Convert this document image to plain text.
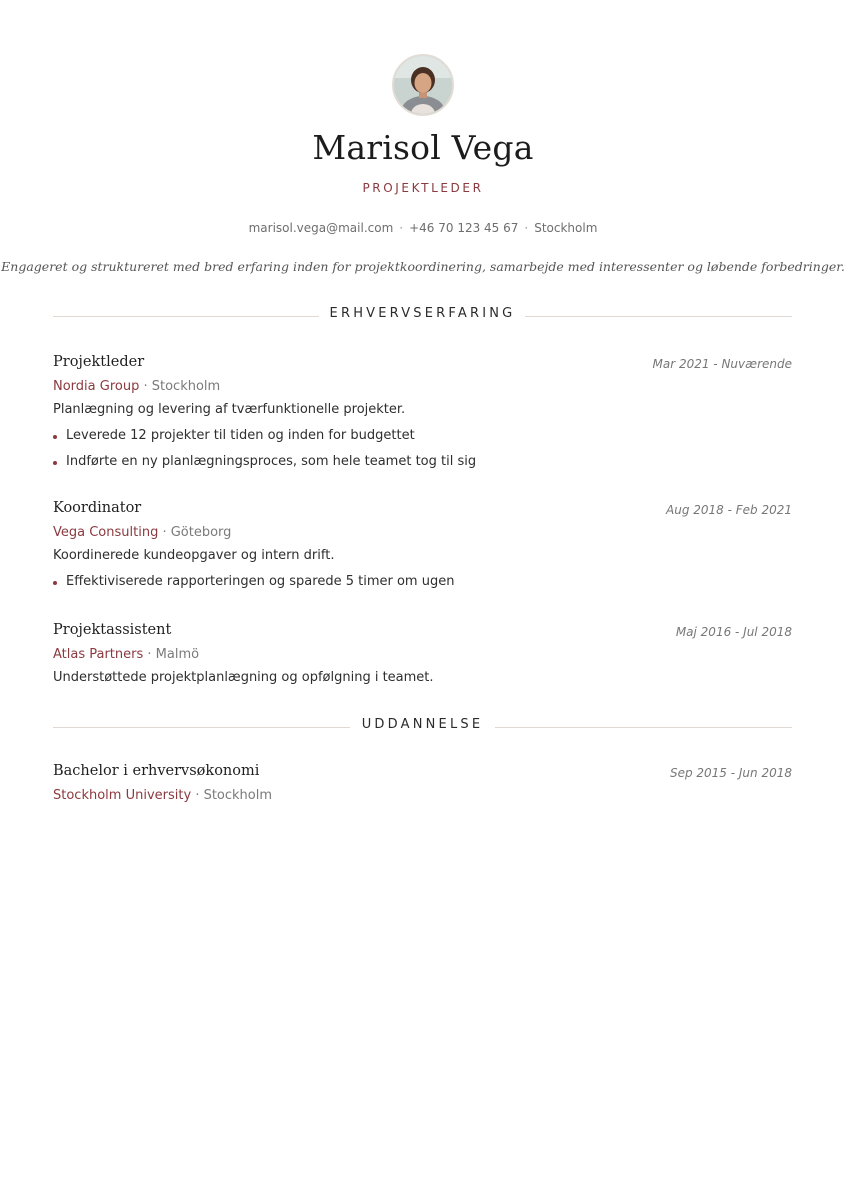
Marisol Vega
PROJEKTLEDER
marisol.vega@mail.com · +46 70 123 45 67 · Stockholm
Engageret og struktureret med bred erfaring inden for projektkoordinering, samarbejde med interessenter og løbende forbedringer.
ERHVERVSERFARING
Projektleder	Mar 2021 - Nuværende
Nordia Group · Stockholm
Planlægning og levering af tværfunktionelle projekter.
Leverede 12 projekter til tiden og inden for budgettet
Indførte en ny planlægningsproces, som hele teamet tog til sig
Koordinator	Aug 2018 - Feb 2021
Vega Consulting · Göteborg
Koordinerede kundeopgaver og intern drift.
Effektiviserede rapporteringen og sparede 5 timer om ugen
Projektassistent	Maj 2016 - Jul 2018
Atlas Partners · Malmö
Understøttede projektplanlægning og opfølgning i teamet.
UDDANNELSE
Bachelor i erhvervsøkonomi	Sep 2015 - Jun 2018
Stockholm University · Stockholm
